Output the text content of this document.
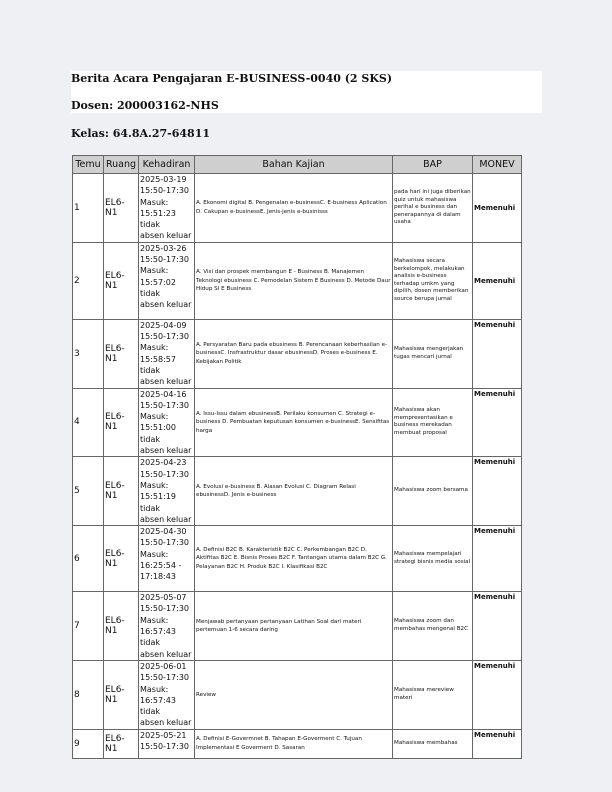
Berita Acara Pengajaran E-BUSINESS-0040 (2 SKS)
Dosen: 200003162-NHS
Kelas: 64.8A.27-64811
Temu	Ruang	Kehadiran	Bahan Kajian	BAP	MONEV
1	EL6-N1	2025-03-19
15:50-17:30
Masuk:
15:51:23 tidak
absen keluar	A. Ekonomi digital B. Pengenalan e-businessC. E-business Aplication D. Cakupan e-businessE. Jenis-jenis e-businisss	pada hari ini juga diberikan quiz untuk mahasiswa perihal e business dan penerapannya di dalam usaha	Memenuhi
2	EL6-N1	2025-03-26
15:50-17:30
Masuk:
15:57:02 tidak
absen keluar	A. Visi dan prospek membangun E - Business B. Manajemen Teknologi ebusiness C. Pemodelan Sistem E Business D. Metode Daur Hidup SI E Business	Mahasiswa secara berkelompok, melakukan analisis e-business terhadap umkm yang dipilih, dosen memberikan source berupa jurnal	Memenuhi
3	EL6-N1	2025-04-09
15:50-17:30
Masuk:
15:58:57 tidak
absen keluar	A. Persyaratan Baru pada ebusiness B. Perencanaan keberhasilan e-businessC. Insfrastruktur dasar ebusinessD. Proses e-business E. Kebijakan Politik	Mahasiswa mengerjakan tugas mencari jurnal	Memenuhi
4	EL6-N1	2025-04-16
15:50-17:30
Masuk:
15:51:00 tidak
absen keluar	A. Issu-Issu dalam ebusinessB. Perilaku konsumen C. Strategi e-business D. Pembuatan keputusan konsumen e-businessE. Sensifitas harga	Mahasiswa akan mempresentasikan e business merekadan membuat proposal	Memenuhi
5	EL6-N1	2025-04-23
15:50-17:30
Masuk:
15:51:19 tidak
absen keluar	A. Evolusi e-business B. Alasan Evolusi C. Diagram Relasi ebusinessD. Jenis e-business	Mahasiswa zoom bersama	Memenuhi
6	EL6-N1	2025-04-30
15:50-17:30
Masuk:
16:25:54 -
17:18:43	A. Definisi B2C B. Karakteristik B2C C. Perkembangan B2C D. Aktifitas B2C E. Bisnis Proses B2C F. Tantangan utama dalam B2C G. Pelayanan B2C H. Produk B2C I. Klasifikasi B2C	Mahasiswa mempelajari strategi bisnis media sosial	Memenuhi
7	EL6-N1	2025-05-07
15:50-17:30
Masuk:
16:57:43 tidak
absen keluar	Menjawab pertanyaan pertanyaan Latihan Soal dari materi pertemuan 1-6 secara daring	Mahasiswa zoom dan membahas mengenai B2C	Memenuhi
8	EL6-N1	2025-06-01
15:50-17:30
Masuk:
16:57:43 tidak
absen keluar	Review	Mahasiswa mereview materi	Memenuhi
9	EL6-N1	2025-05-21
15:50-17:30	A. Definisi E-Govermnet B. Tahapan E-Goverment C. Tujuan Implementasi E Goverment D. Sasaran	Mahasiswa membahas	Memenuhi
